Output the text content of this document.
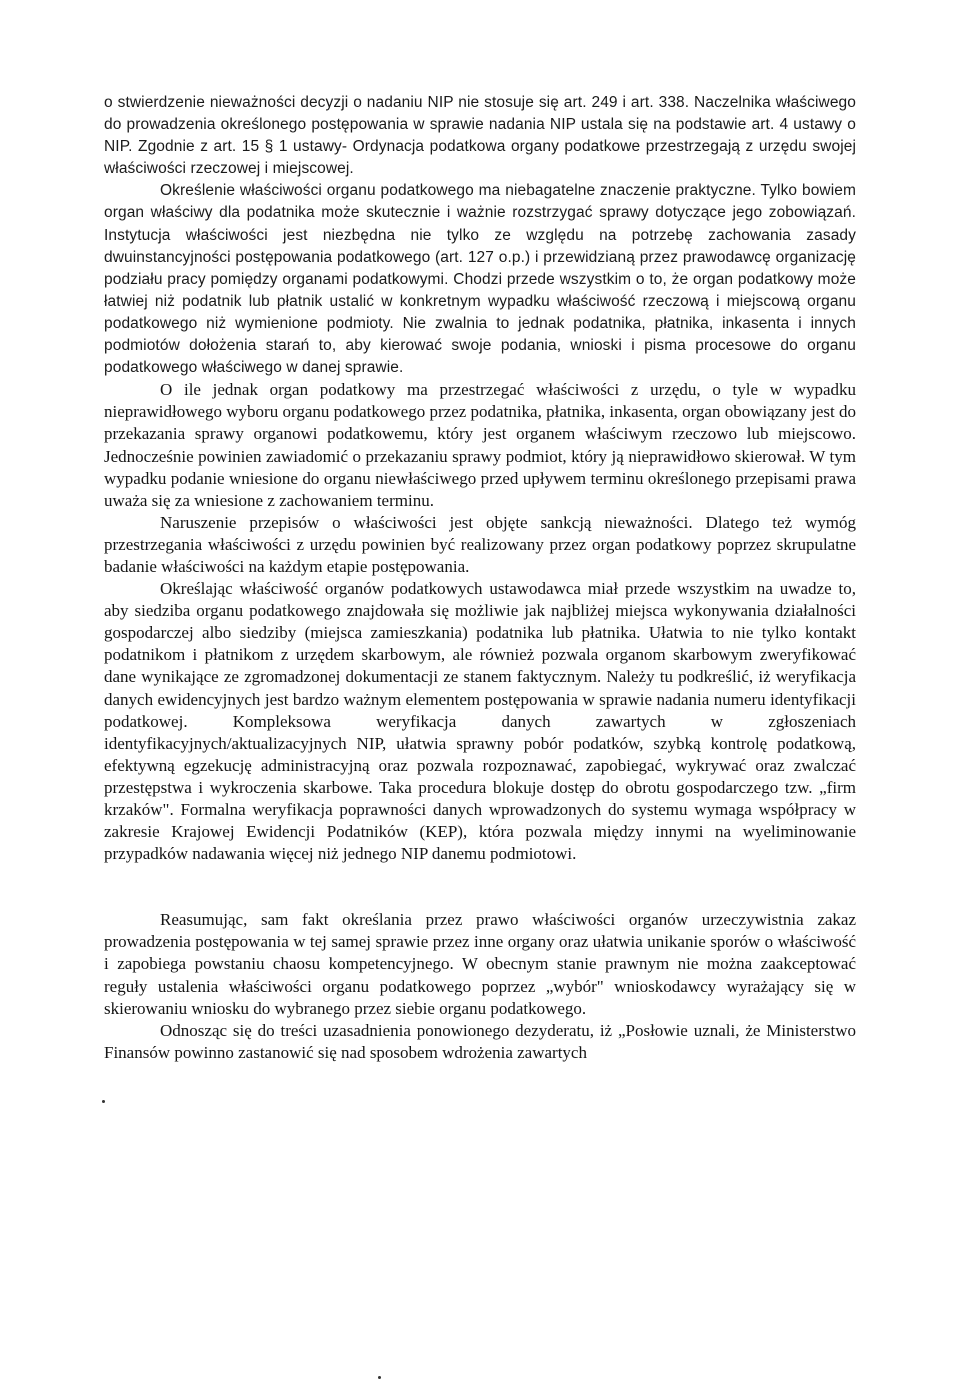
o stwierdzenie nieważności decyzji o nadaniu NIP nie stosuje się art. 249 i art. 338. Naczelnika właściwego do prowadzenia określonego postępowania w sprawie nadania NIP ustala się na podstawie art. 4 ustawy o NIP. Zgodnie z art. 15 § 1 ustawy- Ordynacja podatkowa organy podatkowe przestrzegają z urzędu swojej właściwości rzeczowej i miejscowej.

Określenie właściwości organu podatkowego ma niebagatelne znaczenie praktyczne. Tylko bowiem organ właściwy dla podatnika może skutecznie i ważnie rozstrzygać sprawy dotyczące jego zobowiązań. Instytucja właściwości jest niezbędna nie tylko ze względu na potrzebę zachowania zasady dwuinstancyjności postępowania podatkowego (art. 127 o.p.) i przewidzianą przez prawodawcę organizację podziału pracy pomiędzy organami podatkowymi. Chodzi przede wszystkim o to, że organ podatkowy może łatwiej niż podatnik lub płatnik ustalić w konkretnym wypadku właściwość rzeczową i miejscową organu podatkowego niż wymienione podmioty. Nie zwalnia to jednak podatnika, płatnika, inkasenta i innych podmiotów dołożenia starań to, aby kierować swoje podania, wnioski i pisma procesowe do organu podatkowego właściwego w danej sprawie.

O ile jednak organ podatkowy ma przestrzegać właściwości z urzędu, o tyle w wypadku nieprawidłowego wyboru organu podatkowego przez podatnika, płatnika, inkasenta, organ obowiązany jest do przekazania sprawy organowi podatkowemu, który jest organem właściwym rzeczowo lub miejscowo. Jednocześnie powinien zawiadomić o przekazaniu sprawy podmiot, który ją nieprawidłowo skierował. W tym wypadku podanie wniesione do organu niewłaściwego przed upływem terminu określonego przepisami prawa uważa się za wniesione z zachowaniem terminu.

Naruszenie przepisów o właściwości jest objęte sankcją nieważności. Dlatego też wymóg przestrzegania właściwości z urzędu powinien być realizowany przez organ podatkowy poprzez skrupulatne badanie właściwości na każdym etapie postępowania.

Określając właściwość organów podatkowych ustawodawca miał przede wszystkim na uwadze to, aby siedziba organu podatkowego znajdowała się możliwie jak najbliżej miejsca wykonywania działalności gospodarczej albo siedziby (miejsca zamieszkania) podatnika lub płatnika. Ułatwia to nie tylko kontakt podatnikom i płatnikom z urzędem skarbowym, ale również pozwala organom skarbowym zweryfikować dane wynikające ze zgromadzonej dokumentacji ze stanem faktycznym. Należy tu podkreślić, iż weryfikacja danych ewidencyjnych jest bardzo ważnym elementem postępowania w sprawie nadania numeru identyfikacji podatkowej. Kompleksowa weryfikacja danych zawartych w zgłoszeniach identyfikacyjnych/aktualizacyjnych NIP, ułatwia sprawny pobór podatków, szybką kontrolę podatkową, efektywną egzekucję administracyjną oraz pozwala rozpoznawać, zapobiegać, wykrywać oraz zwalczać przestępstwa i wykroczenia skarbowe. Taka procedura blokuje dostęp do obrotu gospodarczego tzw. „firm krzaków". Formalna weryfikacja poprawności danych wprowadzonych do systemu wymaga współpracy w zakresie Krajowej Ewidencji Podatników (KEP), która pozwala między innymi na wyeliminowanie przypadków nadawania więcej niż jednego NIP danemu podmiotowi.

Reasumując, sam fakt określania przez prawo właściwości organów urzeczywistnia zakaz prowadzenia postępowania w tej samej sprawie przez inne organy oraz ułatwia unikanie sporów o właściwość i zapobiega powstaniu chaosu kompetencyjnego. W obecnym stanie prawnym nie można zaakceptować reguły ustalenia właściwości organu podatkowego poprzez „wybór" wnioskodawcy wyrażający się w skierowaniu wniosku do wybranego przez siebie organu podatkowego.

Odnosząc się do treści uzasadnienia ponowionego dezyderatu, iż „Posłowie uznali, że Ministerstwo Finansów powinno zastanowić się nad sposobem wdrożenia zawartych
